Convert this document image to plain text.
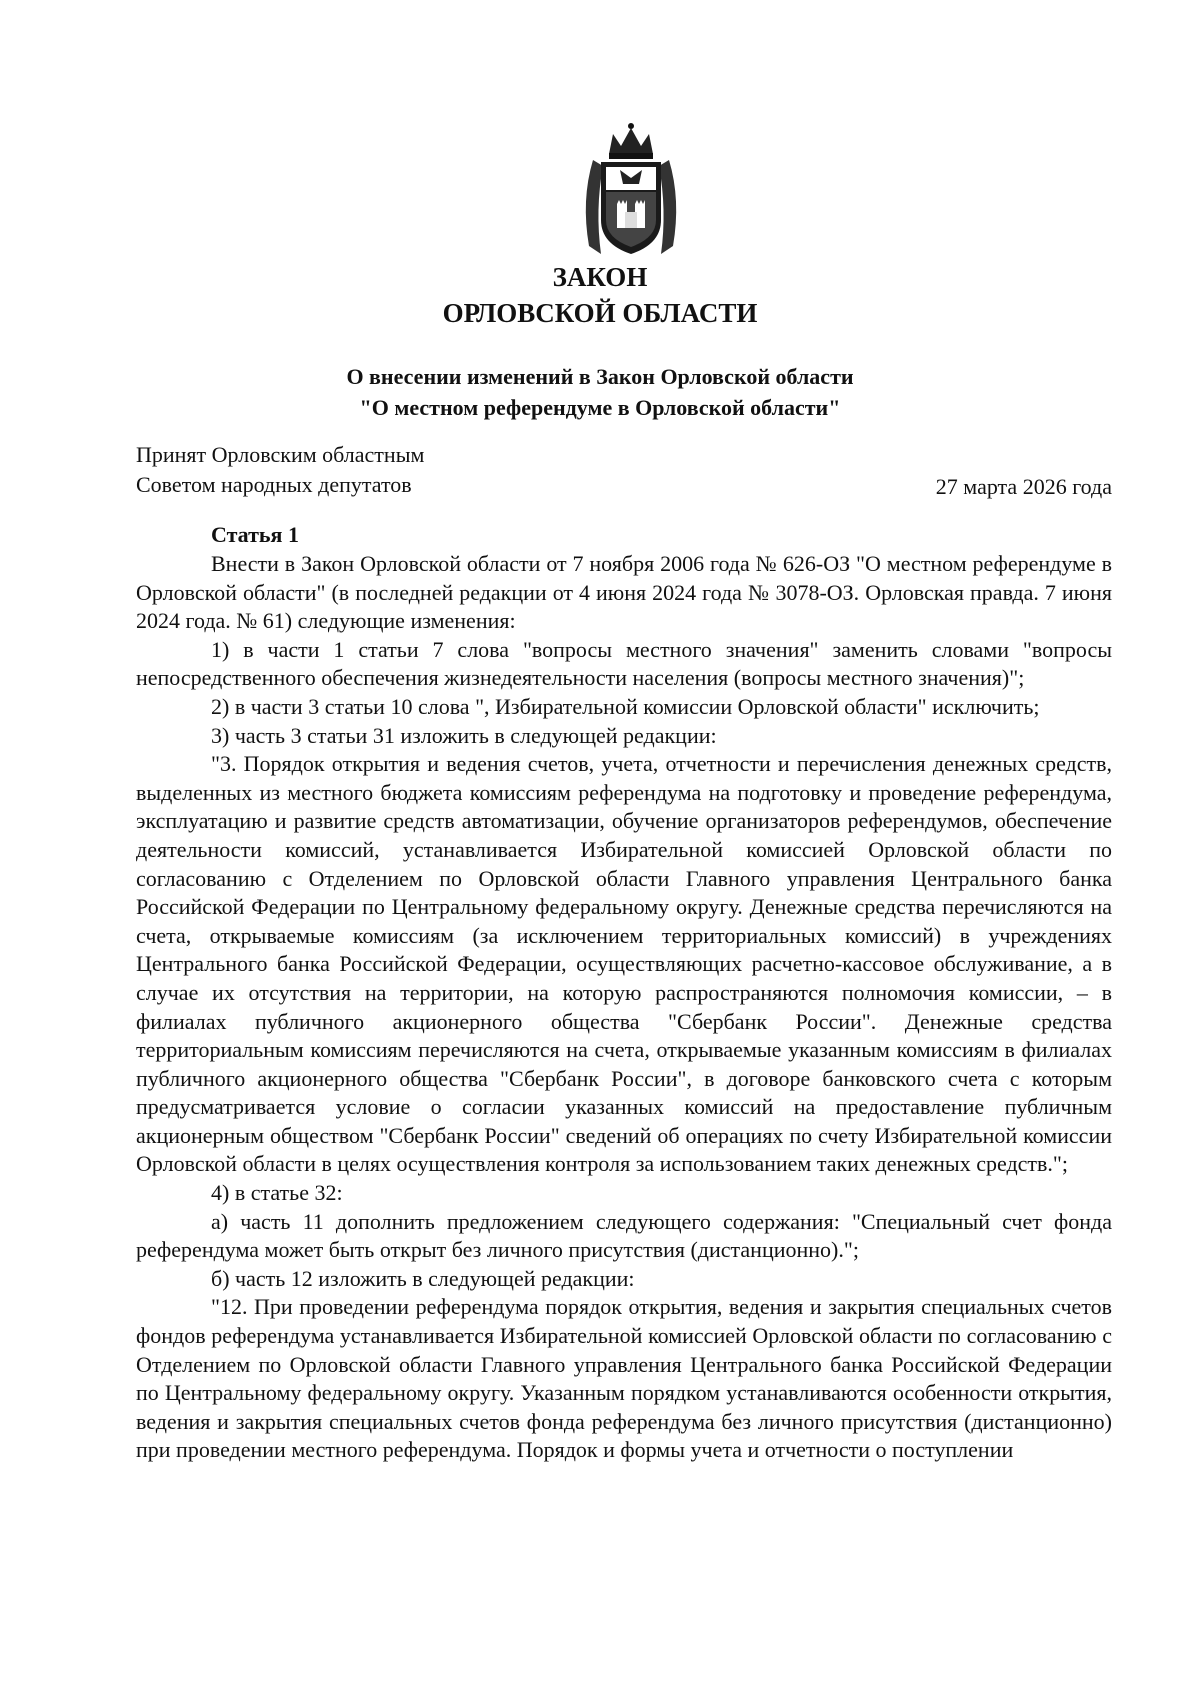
ЗАКОН
ОРЛОВСКОЙ ОБЛАСТИ
О внесении изменений в Закон Орловской области
"О местном референдуме в Орловской области"
Принят Орловским областным
Советом народных депутатов	27 марта 2026 года
Статья 1

Внести в Закон Орловской области от 7 ноября 2006 года № 626-ОЗ "О местном референдуме в Орловской области" (в последней редакции от 4 июня 2024 года № 3078-ОЗ. Орловская правда. 7 июня 2024 года. № 61) следующие изменения:

1) в части 1 статьи 7 слова "вопросы местного значения" заменить словами "вопросы непосредственного обеспечения жизнедеятельности населения (вопросы местного значения)";

2) в части 3 статьи 10 слова ", Избирательной комиссии Орловской области" исключить;

3) часть 3 статьи 31 изложить в следующей редакции:

"3. Порядок открытия и ведения счетов, учета, отчетности и перечисления денежных средств, выделенных из местного бюджета комиссиям референдума на подготовку и проведение референдума, эксплуатацию и развитие средств автоматизации, обучение организаторов референдумов, обеспечение деятельности комиссий, устанавливается Избирательной комиссией Орловской области по согласованию с Отделением по Орловской области Главного управления Центрального банка Российской Федерации по Центральному федеральному округу. Денежные средства перечисляются на счета, открываемые комиссиям (за исключением территориальных комиссий) в учреждениях Центрального банка Российской Федерации, осуществляющих расчетно-кассовое обслуживание, а в случае их отсутствия на территории, на которую распространяются полномочия комиссии, – в филиалах публичного акционерного общества "Сбербанк России". Денежные средства территориальным комиссиям перечисляются на счета, открываемые указанным комиссиям в филиалах публичного акционерного общества "Сбербанк России", в договоре банковского счета с которым предусматривается условие о согласии указанных комиссий на предоставление публичным акционерным обществом "Сбербанк России" сведений об операциях по счету Избирательной комиссии Орловской области в целях осуществления контроля за использованием таких денежных средств.";

4) в статье 32:

а) часть 11 дополнить предложением следующего содержания: "Специальный счет фонда референдума может быть открыт без личного присутствия (дистанционно).";

б) часть 12 изложить в следующей редакции:

"12. При проведении референдума порядок открытия, ведения и закрытия специальных счетов фондов референдума устанавливается Избирательной комиссией Орловской области по согласованию с Отделением по Орловской области Главного управления Центрального банка Российской Федерации по Центральному федеральному округу. Указанным порядком устанавливаются особенности открытия, ведения и закрытия специальных счетов фонда референдума без личного присутствия (дистанционно) при проведении местного референдума. Порядок и формы учета и отчетности о поступлении
